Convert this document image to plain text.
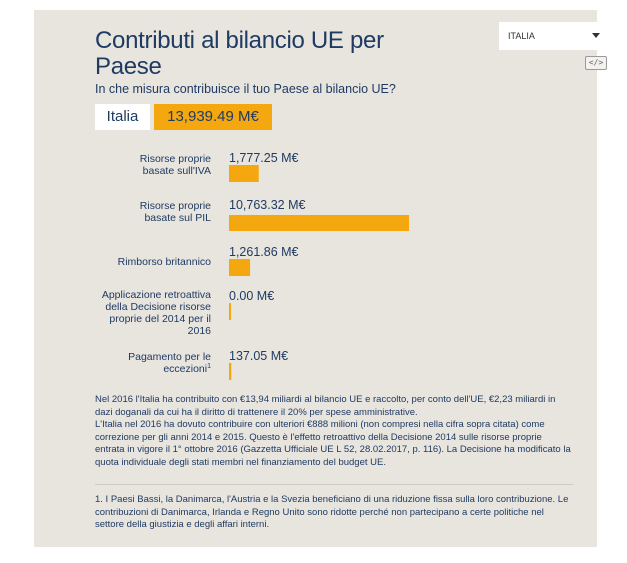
ITALIA
</>
Contributi al bilancio UE per Paese
In che misura contribuisce il tuo Paese al bilancio UE?
Italia	13,939.49 M€
Risorse proprie basate sull'IVA
1,777.25 M€
Risorse proprie basate sul PIL
10,763.32 M€
Rimborso britannico
1,261.86 M€
Applicazione retroattiva della Decisione risorse proprie del 2014 per il 2016
0.00 M€
Pagamento per le eccezioni$^1$
137.05 M€

Nel 2016 l'Italia ha contribuito con €13,94 miliardi al bilancio UE e raccolto, per conto dell'UE, €2,23 miliardi in dazi doganali da cui ha il diritto di trattenere il 20% per spese amministrative.

L'Italia nel 2016 ha dovuto contribuire con ulteriori €888 milioni (non compresi nella cifra sopra citata) come correzione per gli anni 2014 e 2015. Questo è l'effetto retroattivo della Decisione 2014 sulle risorse proprie entrata in vigore il 1° ottobre 2016 (Gazzetta Ufficiale UE L 52, 28.02.2017, p. 116). La Decisione ha modificato la quota individuale degli stati membri nel finanziamento del budget UE.

1. I Paesi Bassi, la Danimarca, l'Austria e la Svezia beneficiano di una riduzione fissa sulla loro contribuzione. Le contribuzioni di Danimarca, Irlanda e Regno Unito sono ridotte perché non partecipano a certe politiche nel settore della giustizia e degli affari interni.
